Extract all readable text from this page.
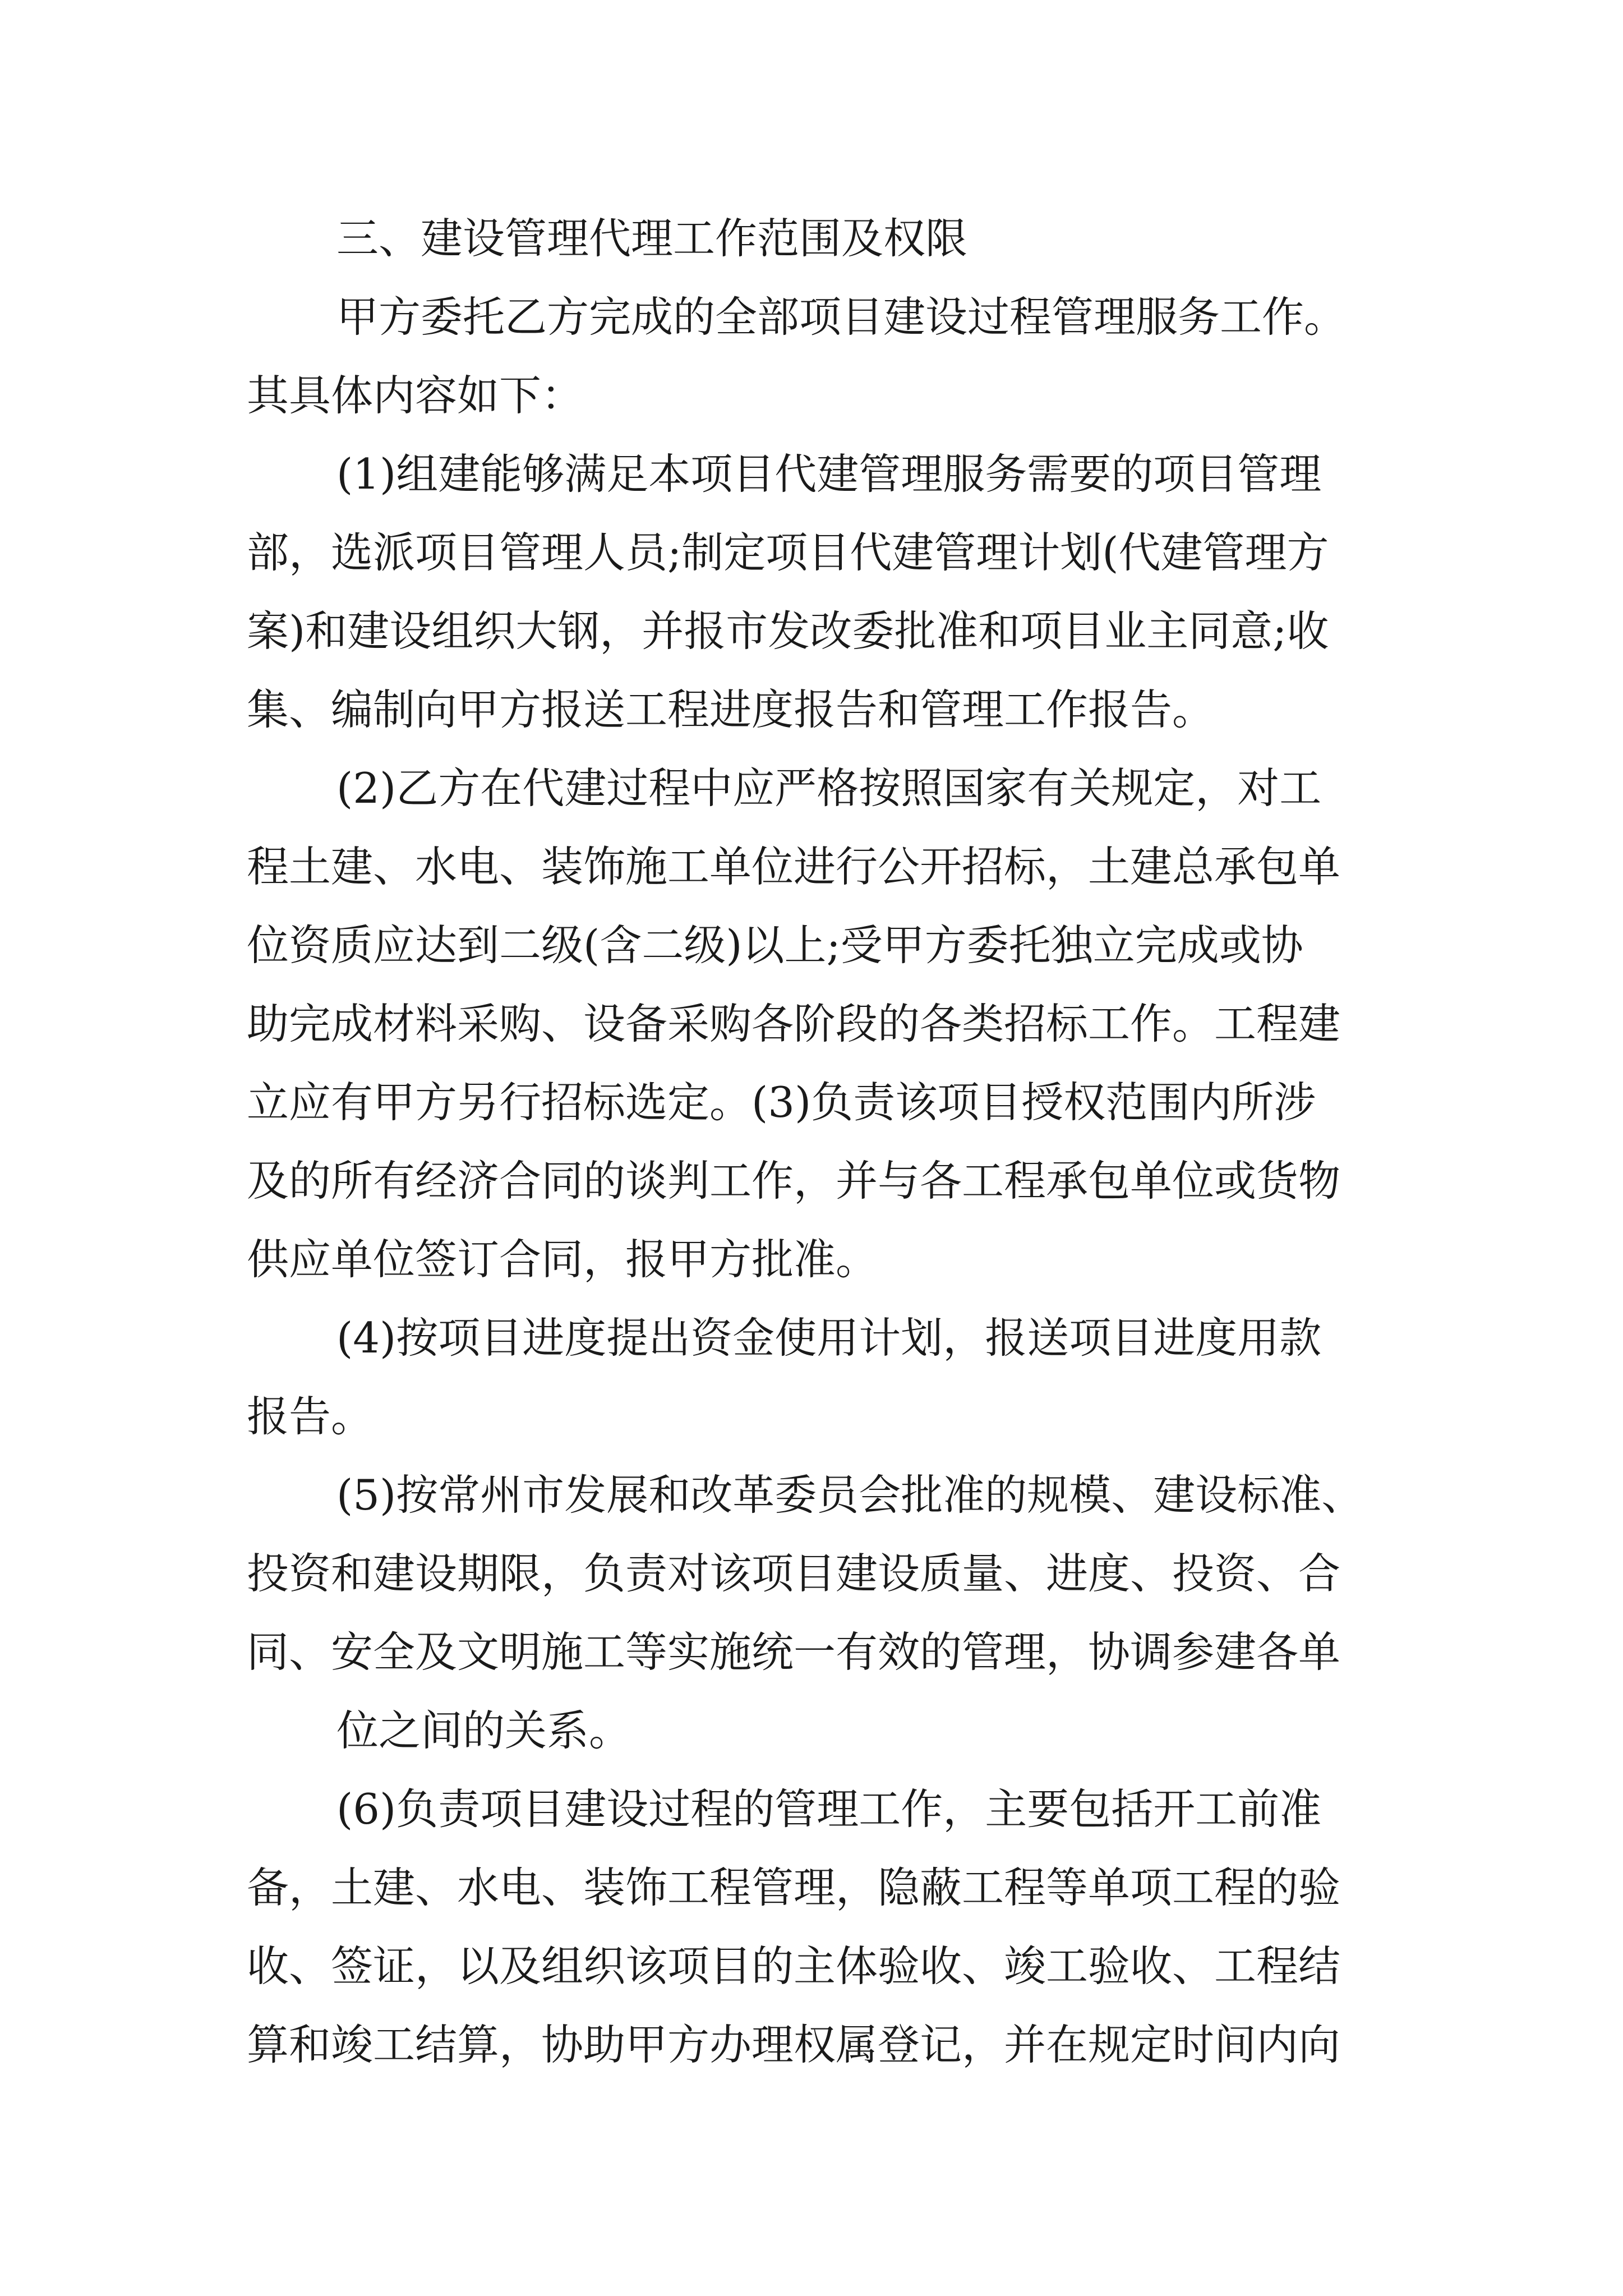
三、建设管理代理工作范围及权限
甲方委托乙方完成的全部项目建设过程管理服务工作。
其具体内容如下：
(1)组建能够满足本项目代建管理服务需要的项目管理
部，选派项目管理人员;制定项目代建管理计划(代建管理方
案)和建设组织大钢，并报市发改委批准和项目业主同意;收
集、编制向甲方报送工程进度报告和管理工作报告。
(2)乙方在代建过程中应严格按照国家有关规定，对工
程土建、水电、装饰施工单位进行公开招标，土建总承包单
位资质应达到二级(含二级)以上;受甲方委托独立完成或协
助完成材料采购、设备采购各阶段的各类招标工作。工程建
立应有甲方另行招标选定。(3)负责该项目授权范围内所涉
及的所有经济合同的谈判工作，并与各工程承包单位或货物
供应单位签订合同，报甲方批准。
(4)按项目进度提出资金使用计划，报送项目进度用款
报告。
(5)按常州市发展和改革委员会批准的规模、建设标准、
投资和建设期限，负责对该项目建设质量、进度、投资、合
同、安全及文明施工等实施统一有效的管理，协调参建各单
位之间的关系。
(6)负责项目建设过程的管理工作，主要包括开工前准
备，土建、水电、装饰工程管理，隐蔽工程等单项工程的验
收、签证，以及组织该项目的主体验收、竣工验收、工程结
算和竣工结算，协助甲方办理权属登记，并在规定时间内向
